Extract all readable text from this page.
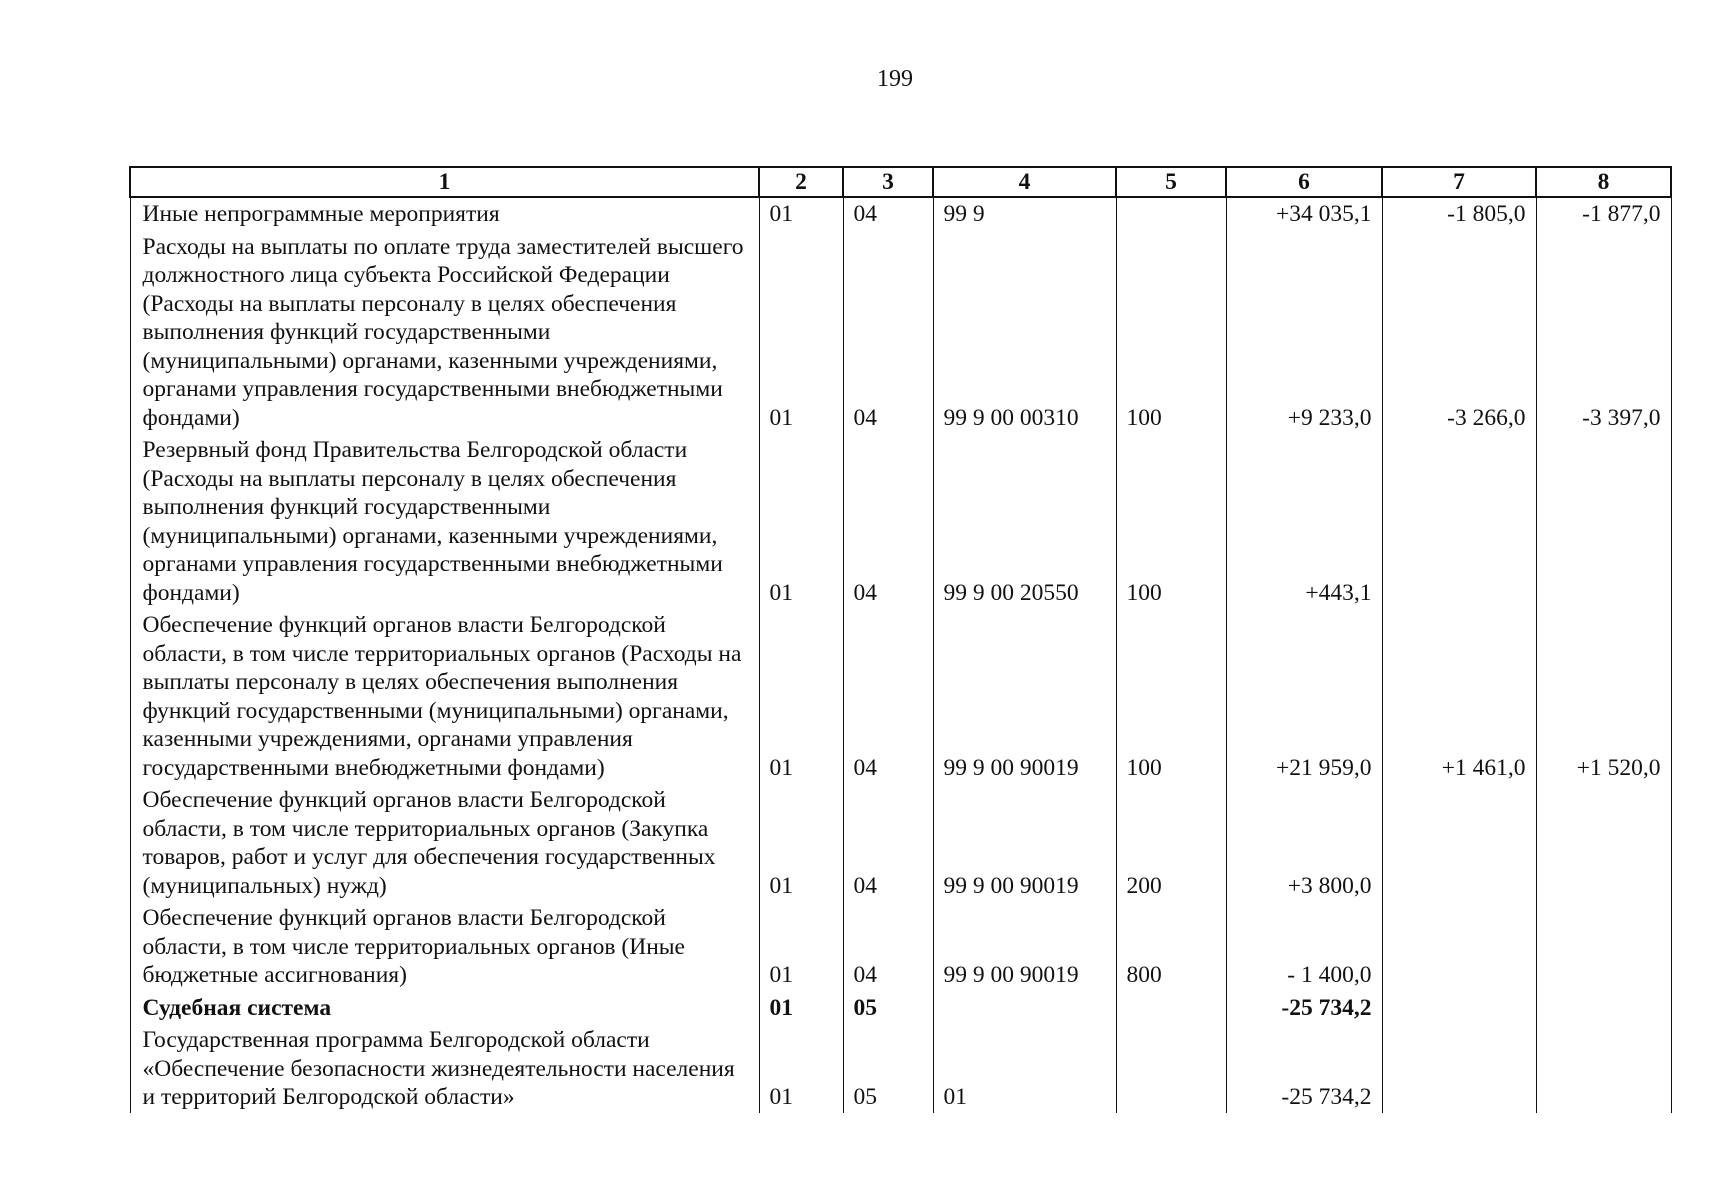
199
1	2	3	4	5	6	7	8
Иные непрограммные мероприятия	01	04	99 9		+34 035,1	-1 805,0	-1 877,0
Расходы на выплаты по оплате труда заместителей высшего должностного лица субъекта Российской Федерации (Расходы на выплаты персоналу в целях обеспечения выполнения функций государственными (муниципальными) органами, казенными учреждениями, органами управления государственными внебюджетными фондами)	01	04	99 9 00 00310	100	+9 233,0	-3 266,0	-3 397,0
Резервный фонд Правительства Белгородской области (Расходы на выплаты персоналу в целях обеспечения выполнения функций государственными (муниципальными) органами, казенными учреждениями, органами управления государственными внебюджетными фондами)	01	04	99 9 00 20550	100	+443,1		
Обеспечение функций органов власти Белгородской области, в том числе территориальных органов (Расходы на выплаты персоналу в целях обеспечения выполнения функций государственными (муниципальными) органами, казенными учреждениями, органами управления государственными внебюджетными фондами)	01	04	99 9 00 90019	100	+21 959,0	+1 461,0	+1 520,0
Обеспечение функций органов власти Белгородской области, в том числе территориальных органов (Закупка товаров, работ и услуг для обеспечения государственных (муниципальных) нужд)	01	04	99 9 00 90019	200	+3 800,0		
Обеспечение функций органов власти Белгородской области, в том числе территориальных органов (Иные бюджетные ассигнования)	01	04	99 9 00 90019	800	- 1 400,0		
Судебная система	01	05			-25 734,2		
Государственная программа Белгородской области «Обеспечение безопасности жизнедеятельности населения и территорий Белгородской области»	01	05	01		-25 734,2		
